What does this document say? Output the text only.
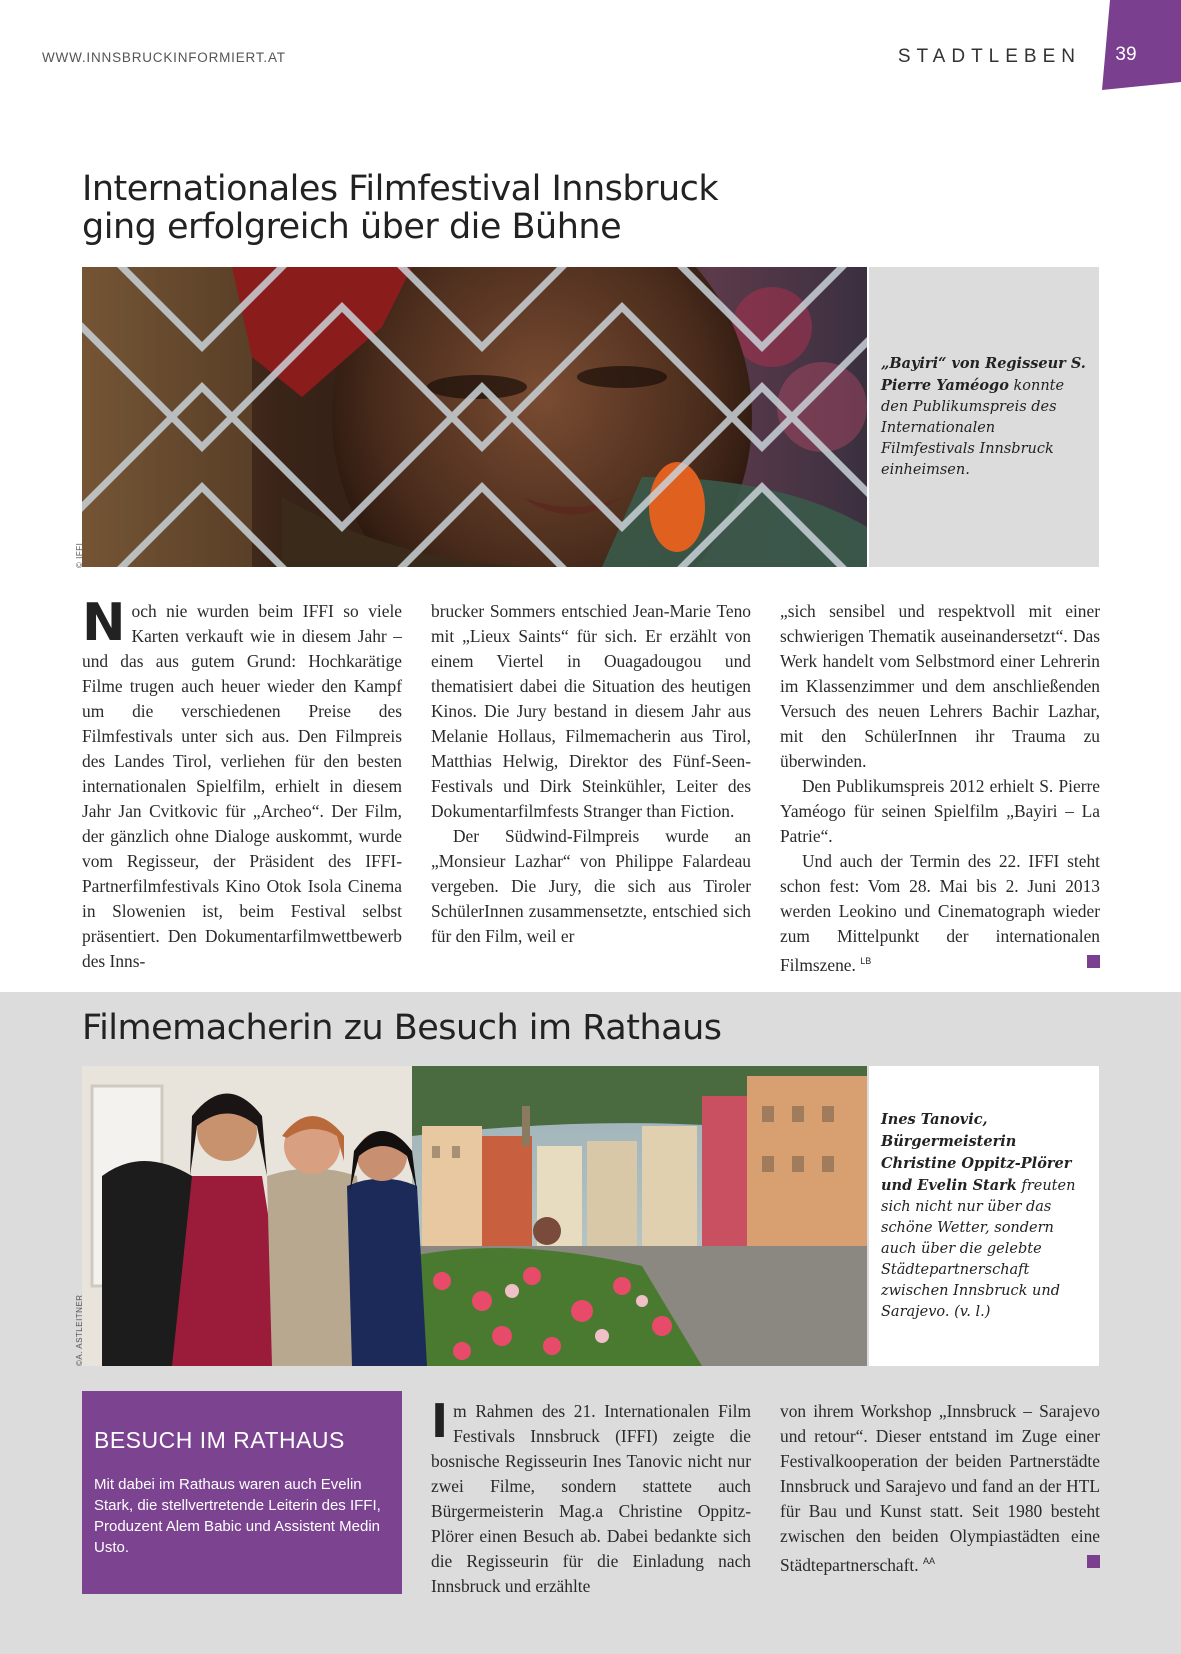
WWW.INNSBRUCKINFORMIERT.AT	STADTLEBEN	39
Internationales Filmfestival Innsbruck ging erfolgreich über die Bühne
© IFFI
„Bayiri“ von Regisseur S. Pierre Yaméogo konnte den Publikumspreis des Internationalen Filmfestivals Innsbruck einheimsen.

Noch nie wurden beim IFFI so viele Karten verkauft wie in diesem Jahr – und das aus gutem Grund: Hochkarätige Filme trugen auch heuer wieder den Kampf um die verschiedenen Preise des Filmfestivals unter sich aus. Den Filmpreis des Landes Tirol, verliehen für den besten internationalen Spielfilm, erhielt in diesem Jahr Jan Cvitkovic für „Archeo“. Der Film, der gänzlich ohne Dialoge auskommt, wurde vom Regisseur, der Präsident des IFFI-Partnerfilmfestivals Kino Otok Isola Cinema in Slowenien ist, beim Festival selbst präsentiert. Den Dokumentarfilmwettbewerb des Inns-

brucker Sommers entschied Jean-Marie Teno mit „Lieux Saints“ für sich. Er erzählt von einem Viertel in Ouagadougou und thematisiert dabei die Situation des heutigen Kinos. Die Jury bestand in diesem Jahr aus Melanie Hollaus, Filmemacherin aus Tirol, Matthias Helwig, Direktor des Fünf-Seen-Festivals und Dirk Steinkühler, Leiter des Dokumentarfilmfests Stranger than Fiction.

Der Südwind-Filmpreis wurde an „Monsieur Lazhar“ von Philippe Falardeau vergeben. Die Jury, die sich aus Tiroler SchülerInnen zusammensetzte, entschied sich für den Film, weil er

„sich sensibel und respektvoll mit einer schwierigen Thematik auseinandersetzt“. Das Werk handelt vom Selbstmord einer Lehrerin im Klassenzimmer und dem anschließenden Versuch des neuen Lehrers Bachir Lazhar, mit den SchülerInnen ihr Trauma zu überwinden.

Den Publikumspreis 2012 erhielt S. Pierre Yaméogo für seinen Spielfilm „Bayiri – La Patrie“.

Und auch der Termin des 22. IFFI steht schon fest: Vom 28. Mai bis 2. Juni 2013 werden Leokino und Cinematograph wieder zum Mittelpunkt der internationalen Filmszene. $^{LB}$

Filmemacherin zu Besuch im Rathaus
©A. ASTLEITNER
Ines Tanovic, Bürgermeisterin Christine Oppitz-Plörer und Evelin Stark freuten sich nicht nur über das schöne Wetter, sondern auch über die gelebte Städtepartnerschaft zwischen Innsbruck und Sarajevo. (v. l.)
BESUCH IM RATHAUS

Mit dabei im Rathaus waren auch Evelin Stark, die stellvertretende Leiterin des IFFI, Produzent Alem Babic und Assistent Medin Usto.

Im Rahmen des 21. Internationalen Film Festivals Innsbruck (IFFI) zeigte die bosnische Regisseurin Ines Tanovic nicht nur zwei Filme, sondern stattete auch Bürgermeisterin Mag.a Christine Oppitz-Plörer einen Besuch ab. Dabei bedankte sich die Regisseurin für die Einladung nach Innsbruck und erzählte

von ihrem Workshop „Innsbruck – Sarajevo und retour“. Dieser entstand im Zuge einer Festivalkooperation der beiden Partnerstädte Innsbruck und Sarajevo und fand an der HTL für Bau und Kunst statt. Seit 1980 besteht zwischen den beiden Olympiastädten eine Städtepartnerschaft. $^{AA}$
